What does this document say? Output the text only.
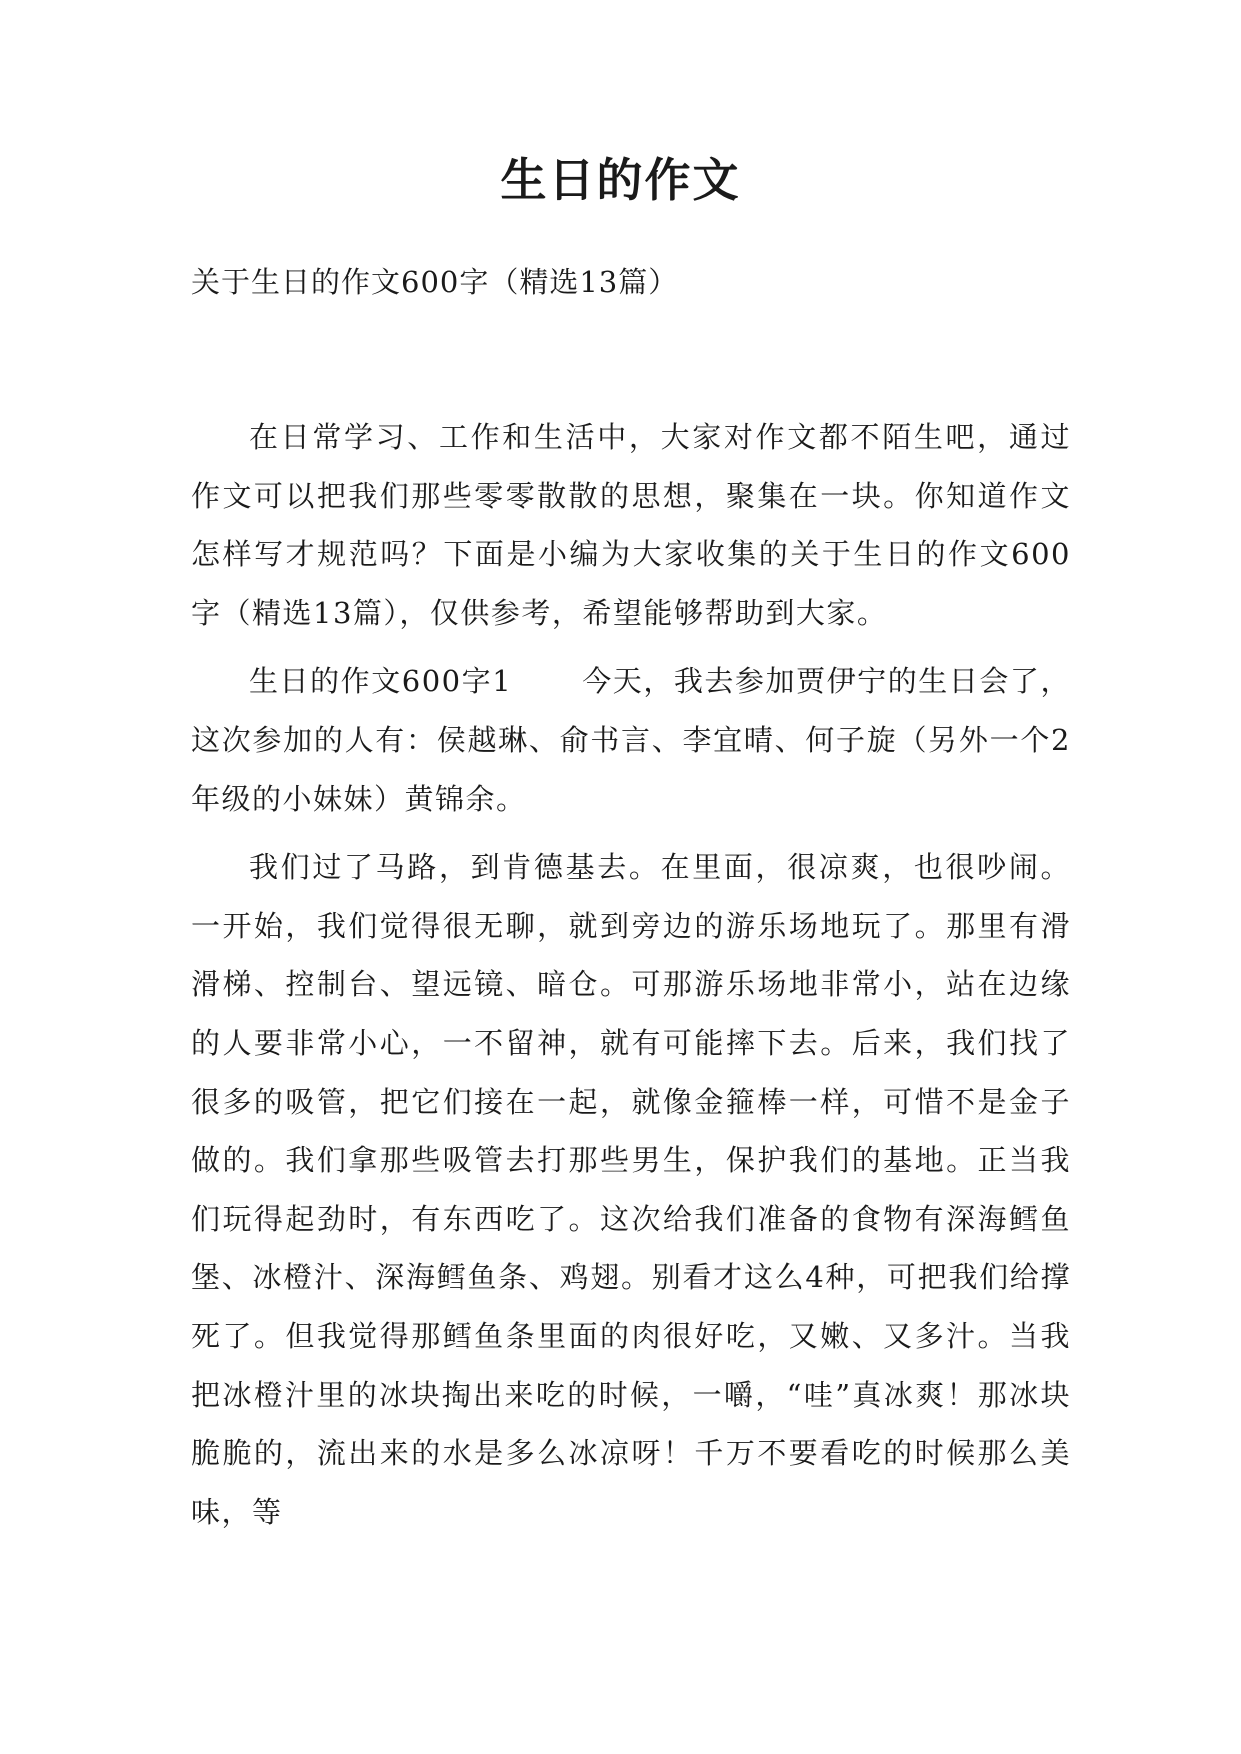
生日的作文
关于生日的作文600字（精选13篇）

在日常学习、工作和生活中，大家对作文都不陌生吧，通过作文可以把我们那些零零散散的思想，聚集在一块。你知道作文怎样写才规范吗？下面是小编为大家收集的关于生日的作文600字（精选13篇），仅供参考，希望能够帮助到大家。

生日的作文600字1 今天，我去参加贾伊宁的生日会了，这次参加的人有：侯越琳、俞书言、李宜晴、何子旋（另外一个2年级的小妹妹）黄锦余。

我们过了马路，到肯德基去。在里面，很凉爽，也很吵闹。一开始，我们觉得很无聊，就到旁边的游乐场地玩了。那里有滑滑梯、控制台、望远镜、暗仓。可那游乐场地非常小，站在边缘的人要非常小心，一不留神，就有可能摔下去。后来，我们找了很多的吸管，把它们接在一起，就像金箍棒一样，可惜不是金子做的。我们拿那些吸管去打那些男生，保护我们的基地。正当我们玩得起劲时，有东西吃了。这次给我们准备的食物有深海鳕鱼堡、冰橙汁、深海鳕鱼条、鸡翅。别看才这么4种，可把我们给撑死了。但我觉得那鳕鱼条里面的肉很好吃，又嫩、又多汁。当我把冰橙汁里的冰块掏出来吃的时候，一嚼，“哇”真冰爽！那冰块脆脆的，流出来的水是多么冰凉呀！千万不要看吃的时候那么美味，等
